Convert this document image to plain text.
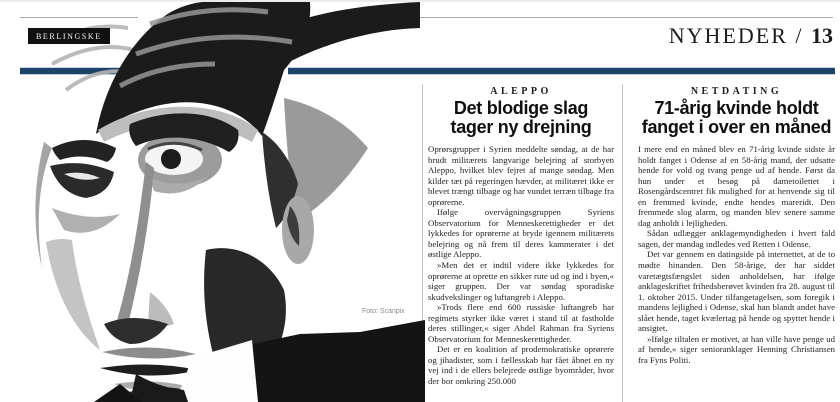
BERLINGSKE	NYHEDER / 13
Foto: Scanpix

ALEPPO

Det blodige slag
tager ny drejning

Oprørsgrupper i Syrien meddelte søndag, at de har brudt militærets langvarige belejring af storbyen Aleppo, hvilket blev fejret af mange søndag. Men kilder tæt på regeringen hævder, at militæret ikke er blevet trængt tilbage og har vundet terræn tilbage fra oprørerne.

Ifølge overvågningsgruppen Syriens Observatorium for Menneskerettigheder er det lykkedes for oprørerne at bryde igennem militærets belejring og nå frem til deres kammerater i det østlige Aleppo.

»Men det er indtil videre ikke lykkedes for oprørerne at oprette en sikker rute ud og ind i byen,« siger gruppen. Der var søndag sporadiske skudvekslinger og luftangreb i Aleppo.

»Trods flere end 600 russiske luftangreb har regimets styrker ikke været i stand til at fastholde deres stillinger,« siger Abdel Rahman fra Syriens Observatorium for Menneskerettigheder.

Det er en koalition af prodemokratiske oprørere og jihadister, som i fællesskab har fået åbnet en ny vej ind i de ellers belejrede østlige byområder, hvor der bor omkring 250.000

NETDATING

71-årig kvinde holdt
fanget i over en måned

I mere end en måned blev en 71-årig kvinde sidste år holdt fanget i Odense af en 58-årig mand, der udsatte hende for vold og tvang penge ud af hende. Først da hun under et besøg på dametoilettet i Rosengårdscentret fik mulighed for at henvende sig til en fremmed kvinde, endte hendes mareridt. Den fremmede slog alarm, og manden blev senere samme dag anholdt i lejligheden.

Sådan udlægger anklagemyndigheden i hvert fald sagen, der mandag indledes ved Retten i Odense.

Det var gennem en datingside på internettet, at de to mødte hinanden. Den 58-årige, der har siddet varetægtsfængslet siden anholdelsen, har ifølge anklageskriftet frihedsberøvet kvinden fra 28. august til 1. oktober 2015. Under tilfangetagelsen, som foregik i mandens lejlighed i Odense, skal han blandt andet have slået hende, taget kvælertag på hende og spyttet hende i ansigtet.

»Ifølge tiltalen er motivet, at han ville have penge ud af hende,« siger senioranklager Henning Christiansen fra Fyns Politi.
